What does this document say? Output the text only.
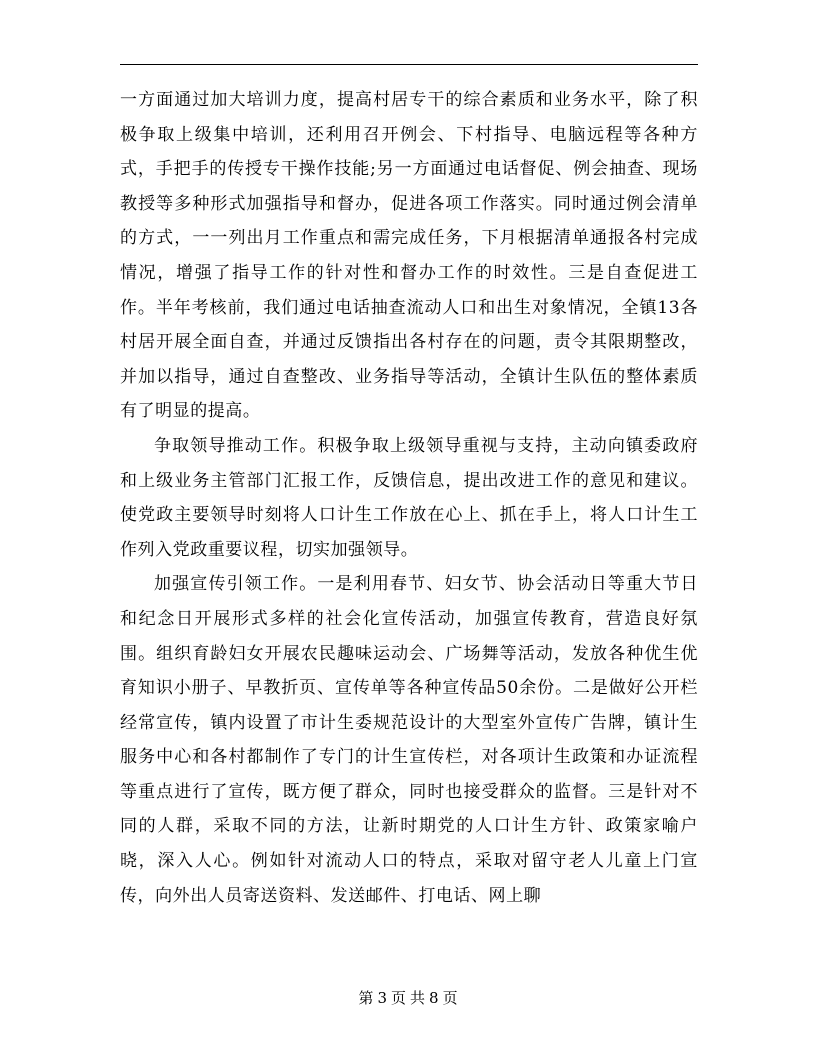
一方面通过加大培训力度，提高村居专干的综合素质和业务水平，除了积极争取上级集中培训，还利用召开例会、下村指导、电脑远程等各种方式，手把手的传授专干操作技能;另一方面通过电话督促、例会抽查、现场教授等多种形式加强指导和督办，促进各项工作落实。同时通过例会清单的方式，一一列出月工作重点和需完成任务，下月根据清单通报各村完成情况，增强了指导工作的针对性和督办工作的时效性。三是自查促进工作。半年考核前，我们通过电话抽查流动人口和出生对象情况，全镇13各村居开展全面自查，并通过反馈指出各村存在的问题，责令其限期整改，并加以指导，通过自查整改、业务指导等活动，全镇计生队伍的整体素质有了明显的提高。

争取领导推动工作。积极争取上级领导重视与支持，主动向镇委政府和上级业务主管部门汇报工作，反馈信息，提出改进工作的意见和建议。使党政主要领导时刻将人口计生工作放在心上、抓在手上，将人口计生工作列入党政重要议程，切实加强领导。

加强宣传引领工作。一是利用春节、妇女节、协会活动日等重大节日和纪念日开展形式多样的社会化宣传活动，加强宣传教育，营造良好氛围。组织育龄妇女开展农民趣味运动会、广场舞等活动，发放各种优生优育知识小册子、早教折页、宣传单等各种宣传品50余份。二是做好公开栏经常宣传，镇内设置了市计生委规范设计的大型室外宣传广告牌，镇计生服务中心和各村都制作了专门的计生宣传栏，对各项计生政策和办证流程等重点进行了宣传，既方便了群众，同时也接受群众的监督。三是针对不同的人群，采取不同的方法，让新时期党的人口计生方针、政策家喻户晓，深入人心。例如针对流动人口的特点，采取对留守老人儿童上门宣传，向外出人员寄送资料、发送邮件、打电话、网上聊

第 3 页 共 8 页
